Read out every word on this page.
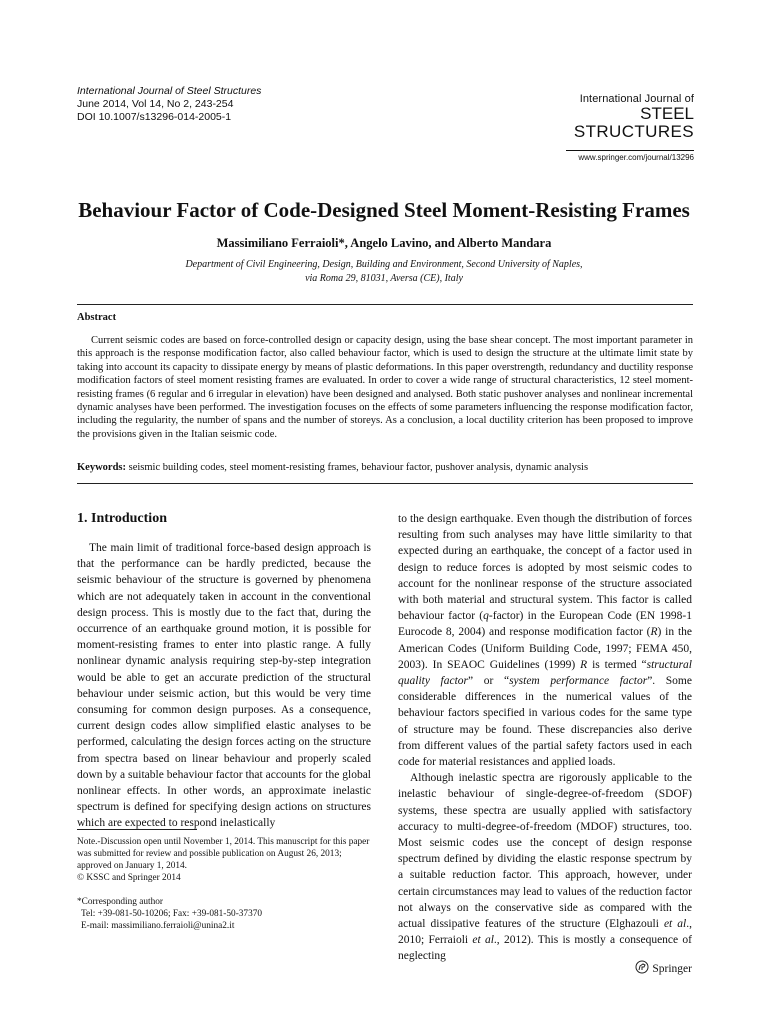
International Journal of Steel Structures
June 2014, Vol 14, No 2, 243-254
DOI 10.1007/s13296-014-2005-1
International Journal of
STEEL
STRUCTURES
www.springer.com/journal/13296
Behaviour Factor of Code-Designed Steel Moment-Resisting Frames
Massimiliano Ferraioli*, Angelo Lavino, and Alberto Mandara
Department of Civil Engineering, Design, Building and Environment, Second University of Naples,
via Roma 29, 81031, Aversa (CE), Italy
Abstract

Current seismic codes are based on force-controlled design or capacity design, using the base shear concept. The most important parameter in this approach is the response modification factor, also called behaviour factor, which is used to design the structure at the ultimate limit state by taking into account its capacity to dissipate energy by means of plastic deformations. In this paper overstrength, redundancy and ductility response modification factors of steel moment resisting frames are evaluated. In order to cover a wide range of structural characteristics, 12 steel moment-resisting frames (6 regular and 6 irregular in elevation) have been designed and analysed. Both static pushover analyses and nonlinear incremental dynamic analyses have been performed. The investigation focuses on the effects of some parameters influencing the response modification factor, including the regularity, the number of spans and the number of storeys. As a conclusion, a local ductility criterion has been proposed to improve the provisions given in the Italian seismic code.

Keywords: seismic building codes, steel moment-resisting frames, behaviour factor, pushover analysis, dynamic analysis
1. Introduction

The main limit of traditional force-based design approach is that the performance can be hardly predicted, because the seismic behaviour of the structure is governed by phenomena which are not adequately taken in account in the conventional design process. This is mostly due to the fact that, during the occurrence of an earthquake ground motion, it is possible for moment-resisting frames to enter into plastic range. A fully nonlinear dynamic analysis requiring step-by-step integration would be able to get an accurate prediction of the structural behaviour under seismic action, but this would be very time consuming for common design purposes. As a consequence, current design codes allow simplified elastic analyses to be performed, calculating the design forces acting on the structure from spectra based on linear behaviour and properly scaled down by a suitable behaviour factor that accounts for the global nonlinear effects. In other words, an approximate inelastic spectrum is defined for specifying design actions on structures which are expected to respond inelastically

to the design earthquake. Even though the distribution of forces resulting from such analyses may have little similarity to that expected during an earthquake, the concept of a factor used in design to reduce forces is adopted by most seismic codes to account for the nonlinear response of the structure associated with both material and structural system. This factor is called behaviour factor (q-factor) in the European Code (EN 1998-1 Eurocode 8, 2004) and response modification factor (R) in the American Codes (Uniform Building Code, 1997; FEMA 450, 2003). In SEAOC Guidelines (1999) R is termed “structural quality factor” or “system performance factor”. Some considerable differences in the numerical values of the behaviour factors specified in various codes for the same type of structure may be found. These discrepancies also derive from different values of the partial safety factors used in each code for material resistances and applied loads.

Although inelastic spectra are rigorously applicable to the inelastic behaviour of single-degree-of-freedom (SDOF) systems, these spectra are usually applied with satisfactory accuracy to multi-degree-of-freedom (MDOF) structures, too. Most seismic codes use the concept of design response spectrum defined by dividing the elastic response spectrum by a suitable reduction factor. This approach, however, under certain circumstances may lead to values of the reduction factor not always on the conservative side as compared with the actual dissipative features of the structure (Elghazouli et al., 2010; Ferraioli et al., 2012). This is mostly a consequence of neglecting

Note.-Discussion open until November 1, 2014. This manuscript for this paper was submitted for review and possible publication on August 26, 2013; approved on January 1, 2014.

© KSSC and Springer 2014

*Corresponding author

Tel: +39-081-50-10206; Fax: +39-081-50-37370

E-mail: massimiliano.ferraioli@unina2.it

Springer
